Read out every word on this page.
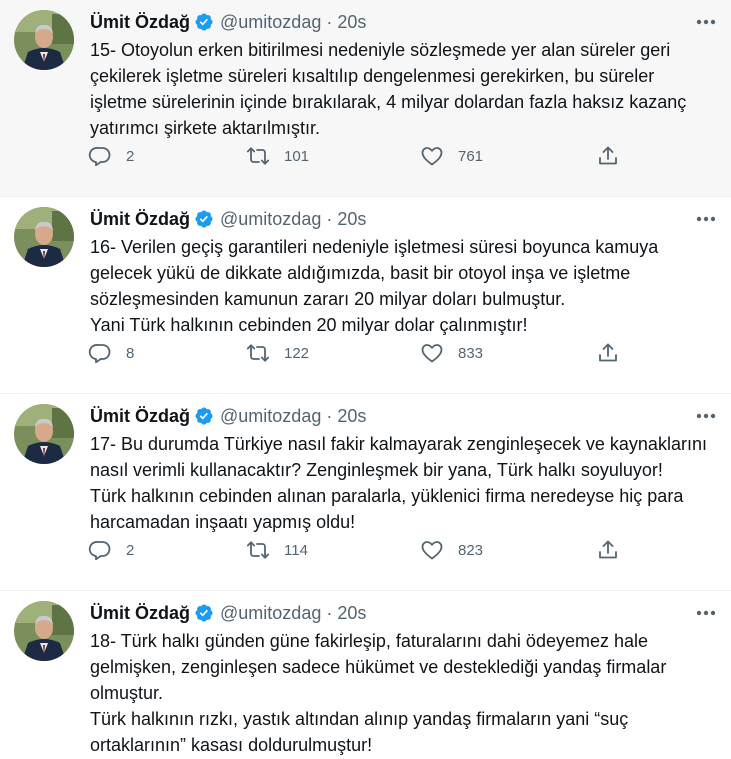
Ümit Özdağ @umitozdag · 20s

15- Otoyolun erken bitirilmesi nedeniyle sözleşmede yer alan süreler geri

çekilerek işletme süreleri kısaltılıp dengelenmesi gerekirken, bu süreler

işletme sürelerinin içinde bırakılarak, 4 milyar dolardan fazla haksız kazanç

yatırımcı şirkete aktarılmıştır.

2	101	761
Ümit Özdağ @umitozdag · 20s

16- Verilen geçiş garantileri nedeniyle işletmesi süresi boyunca kamuya

gelecek yükü de dikkate aldığımızda, basit bir otoyol inşa ve işletme

sözleşmesinden kamunun zararı 20 milyar doları bulmuştur.

Yani Türk halkının cebinden 20 milyar dolar çalınmıştır!

8	122	833
Ümit Özdağ @umitozdag · 20s

17- Bu durumda Türkiye nasıl fakir kalmayarak zenginleşecek ve kaynaklarını

nasıl verimli kullanacaktır? Zenginleşmek bir yana, Türk halkı soyuluyor!

Türk halkının cebinden alınan paralarla, yüklenici firma neredeyse hiç para

harcamadan inşaatı yapmış oldu!

2	114	823
Ümit Özdağ @umitozdag · 20s

18- Türk halkı günden güne fakirleşip, faturalarını dahi ödeyemez hale

gelmişken, zenginleşen sadece hükümet ve desteklediği yandaş firmalar

olmuştur.

Türk halkının rızkı, yastık altından alınıp yandaş firmaların yani “suç

ortaklarının” kasası doldurulmuştur!
